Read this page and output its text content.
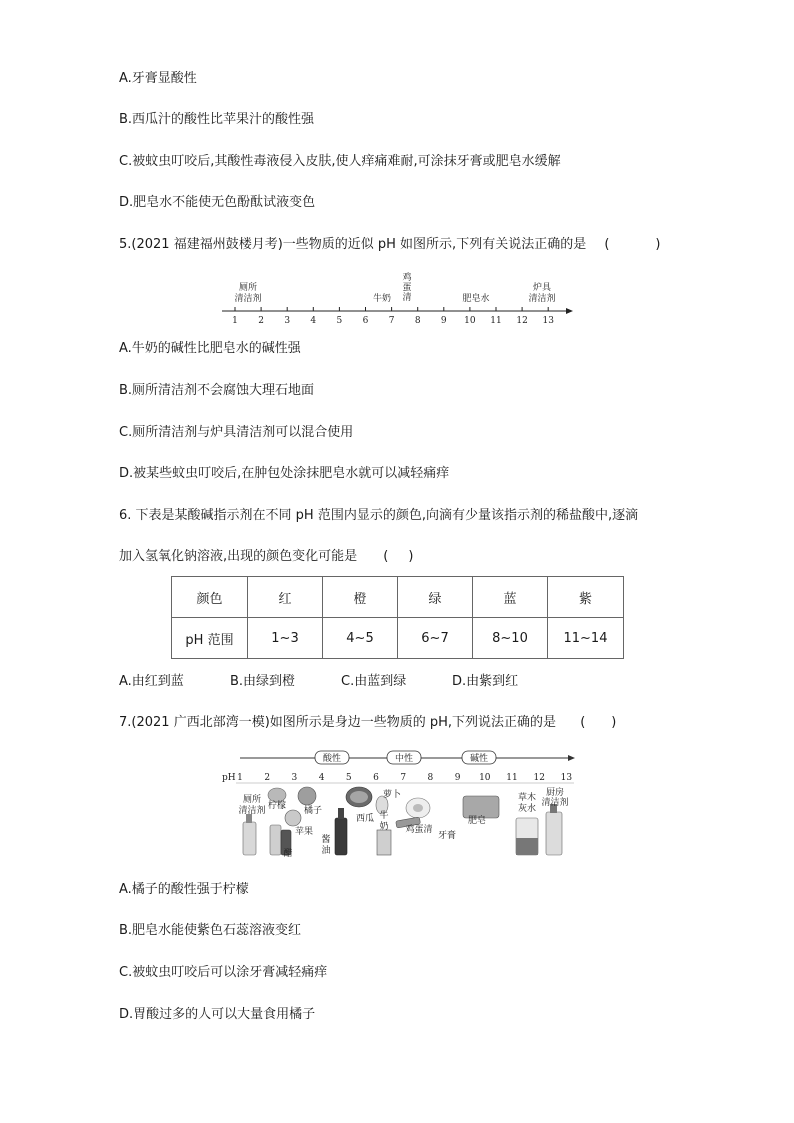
A.牙膏显酸性
B.西瓜汁的酸性比苹果汁的酸性强
C.被蚊虫叮咬后,其酸性毒液侵入皮肤,使人痒痛难耐,可涂抹牙膏或肥皂水缓解
D.肥皂水不能使无色酚酞试液变色
5.(2021 福建福州鼓楼月考)一些物质的近似 pH 如图所示,下列有关说法正确的是 (	)
1 2 3 4 5 6 7 8 9 10 11 12 13
厕所
清洁剂	牛奶
鸡
蛋
清	肥皂水
炉具
清洁剂
A.牛奶的碱性比肥皂水的碱性强
B.厕所清洁剂不会腐蚀大理石地面
C.厕所清洁剂与炉具清洁剂可以混合使用
D.被某些蚊虫叮咬后,在肿包处涂抹肥皂水就可以减轻痛痒
6. 下表是某酸碱指示剂在不同 pH 范围内显示的颜色,向滴有少量该指示剂的稀盐酸中,逐滴
加入氢氧化钠溶液,出现的颜色变化可能是 ( )
颜色	红	橙	绿	蓝	紫
pH 范围	1~3	4~5	6~7	8~10	11~14
A.由红到蓝	B.由绿到橙	C.由蓝到绿	D.由紫到红
7.(2021 广西北部湾一模)如图所示是身边一些物质的 pH,下列说法正确的是 ( )
酸性	中性	碱性
pH 1 2 3 4 5 6 7 8 9 10 11 12 13
厕所
清洁剂 柠檬 橘子
苹果
醋
酱
油
西瓜
萝卜
牛
奶 鸡蛋清
牙膏
肥皂
草木
灰水
厨房
清洁剂
A.橘子的酸性强于柠檬
B.肥皂水能使紫色石蕊溶液变红
C.被蚊虫叮咬后可以涂牙膏减轻痛痒
D.胃酸过多的人可以大量食用橘子
